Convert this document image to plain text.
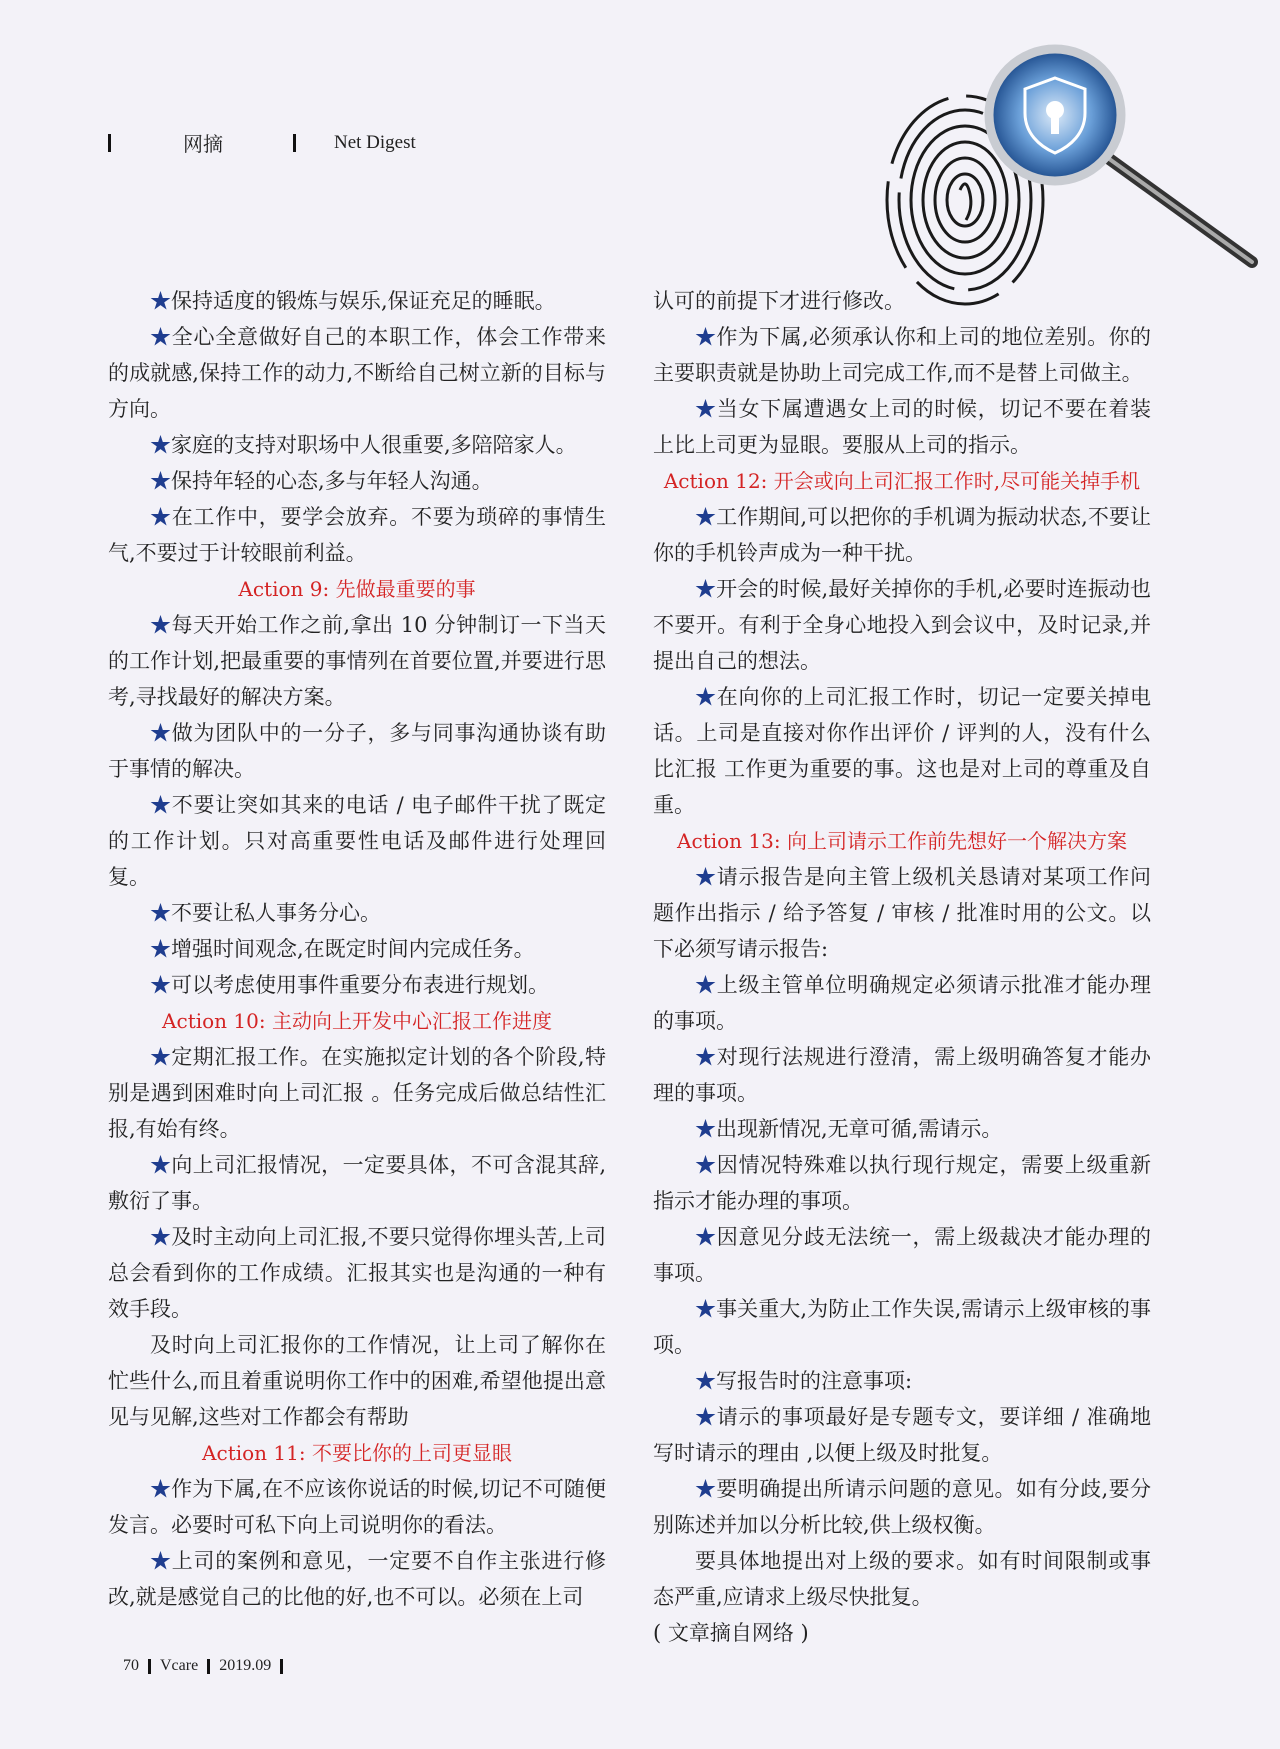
网摘	Net Digest

★保持适度的锻炼与娱乐,保证充足的睡眠。

★全心全意做好自己的本职工作，体会工作带来的成就感,保持工作的动力,不断给自己树立新的目标与方向。

★家庭的支持对职场中人很重要,多陪陪家人。

★保持年轻的心态,多与年轻人沟通。

★在工作中，要学会放弃。不要为琐碎的事情生气,不要过于计较眼前利益。

Action 9: 先做最重要的事

★每天开始工作之前,拿出 10 分钟制订一下当天的工作计划,把最重要的事情列在首要位置,并要进行思考,寻找最好的解决方案。

★做为团队中的一分子，多与同事沟通协谈有助于事情的解决。

★不要让突如其来的电话 / 电子邮件干扰了既定的工作计划。只对高重要性电话及邮件进行处理回复。

★不要让私人事务分心。

★增强时间观念,在既定时间内完成任务。

★可以考虑使用事件重要分布表进行规划。

Action 10: 主动向上开发中心汇报工作进度

★定期汇报工作。在实施拟定计划的各个阶段,特别是遇到困难时向上司汇报 。任务完成后做总结性汇报,有始有终。

★向上司汇报情况，一定要具体，不可含混其辞,敷衍了事。

★及时主动向上司汇报,不要只觉得你埋头苦,上司总会看到你的工作成绩。汇报其实也是沟通的一种有效手段。

及时向上司汇报你的工作情况，让上司了解你在忙些什么,而且着重说明你工作中的困难,希望他提出意见与见解,这些对工作都会有帮助

Action 11: 不要比你的上司更显眼

★作为下属,在不应该你说话的时候,切记不可随便发言。必要时可私下向上司说明你的看法。

★上司的案例和意见，一定要不自作主张进行修改,就是感觉自己的比他的好,也不可以。必须在上司

认可的前提下才进行修改。

★作为下属,必须承认你和上司的地位差别。你的主要职责就是协助上司完成工作,而不是替上司做主。

★当女下属遭遇女上司的时候，切记不要在着装上比上司更为显眼。要服从上司的指示。

Action 12: 开会或向上司汇报工作时,尽可能关掉手机

★工作期间,可以把你的手机调为振动状态,不要让你的手机铃声成为一种干扰。

★开会的时候,最好关掉你的手机,必要时连振动也不要开。有利于全身心地投入到会议中，及时记录,并提出自己的想法。

★在向你的上司汇报工作时，切记一定要关掉电话。上司是直接对你作出评价 / 评判的人，没有什么比汇报 工作更为重要的事。这也是对上司的尊重及自重。

Action 13: 向上司请示工作前先想好一个解决方案

★请示报告是向主管上级机关恳请对某项工作问题作出指示 / 给予答复 / 审核 / 批准时用的公文。以下必须写请示报告:

★上级主管单位明确规定必须请示批准才能办理的事项。

★对现行法规进行澄清，需上级明确答复才能办理的事项。

★出现新情况,无章可循,需请示。

★因情况特殊难以执行现行规定，需要上级重新指示才能办理的事项。

★因意见分歧无法统一，需上级裁决才能办理的事项。

★事关重大,为防止工作失误,需请示上级审核的事项。

★写报告时的注意事项:

★请示的事项最好是专题专文，要详细 / 准确地写时请示的理由 ,以便上级及时批复。

★要明确提出所请示问题的意见。如有分歧,要分别陈述并加以分析比较,供上级权衡。

要具体地提出对上级的要求。如有时间限制或事态严重,应请求上级尽快批复。

( 文章摘自网络 )

70 Vcare 2019.09
